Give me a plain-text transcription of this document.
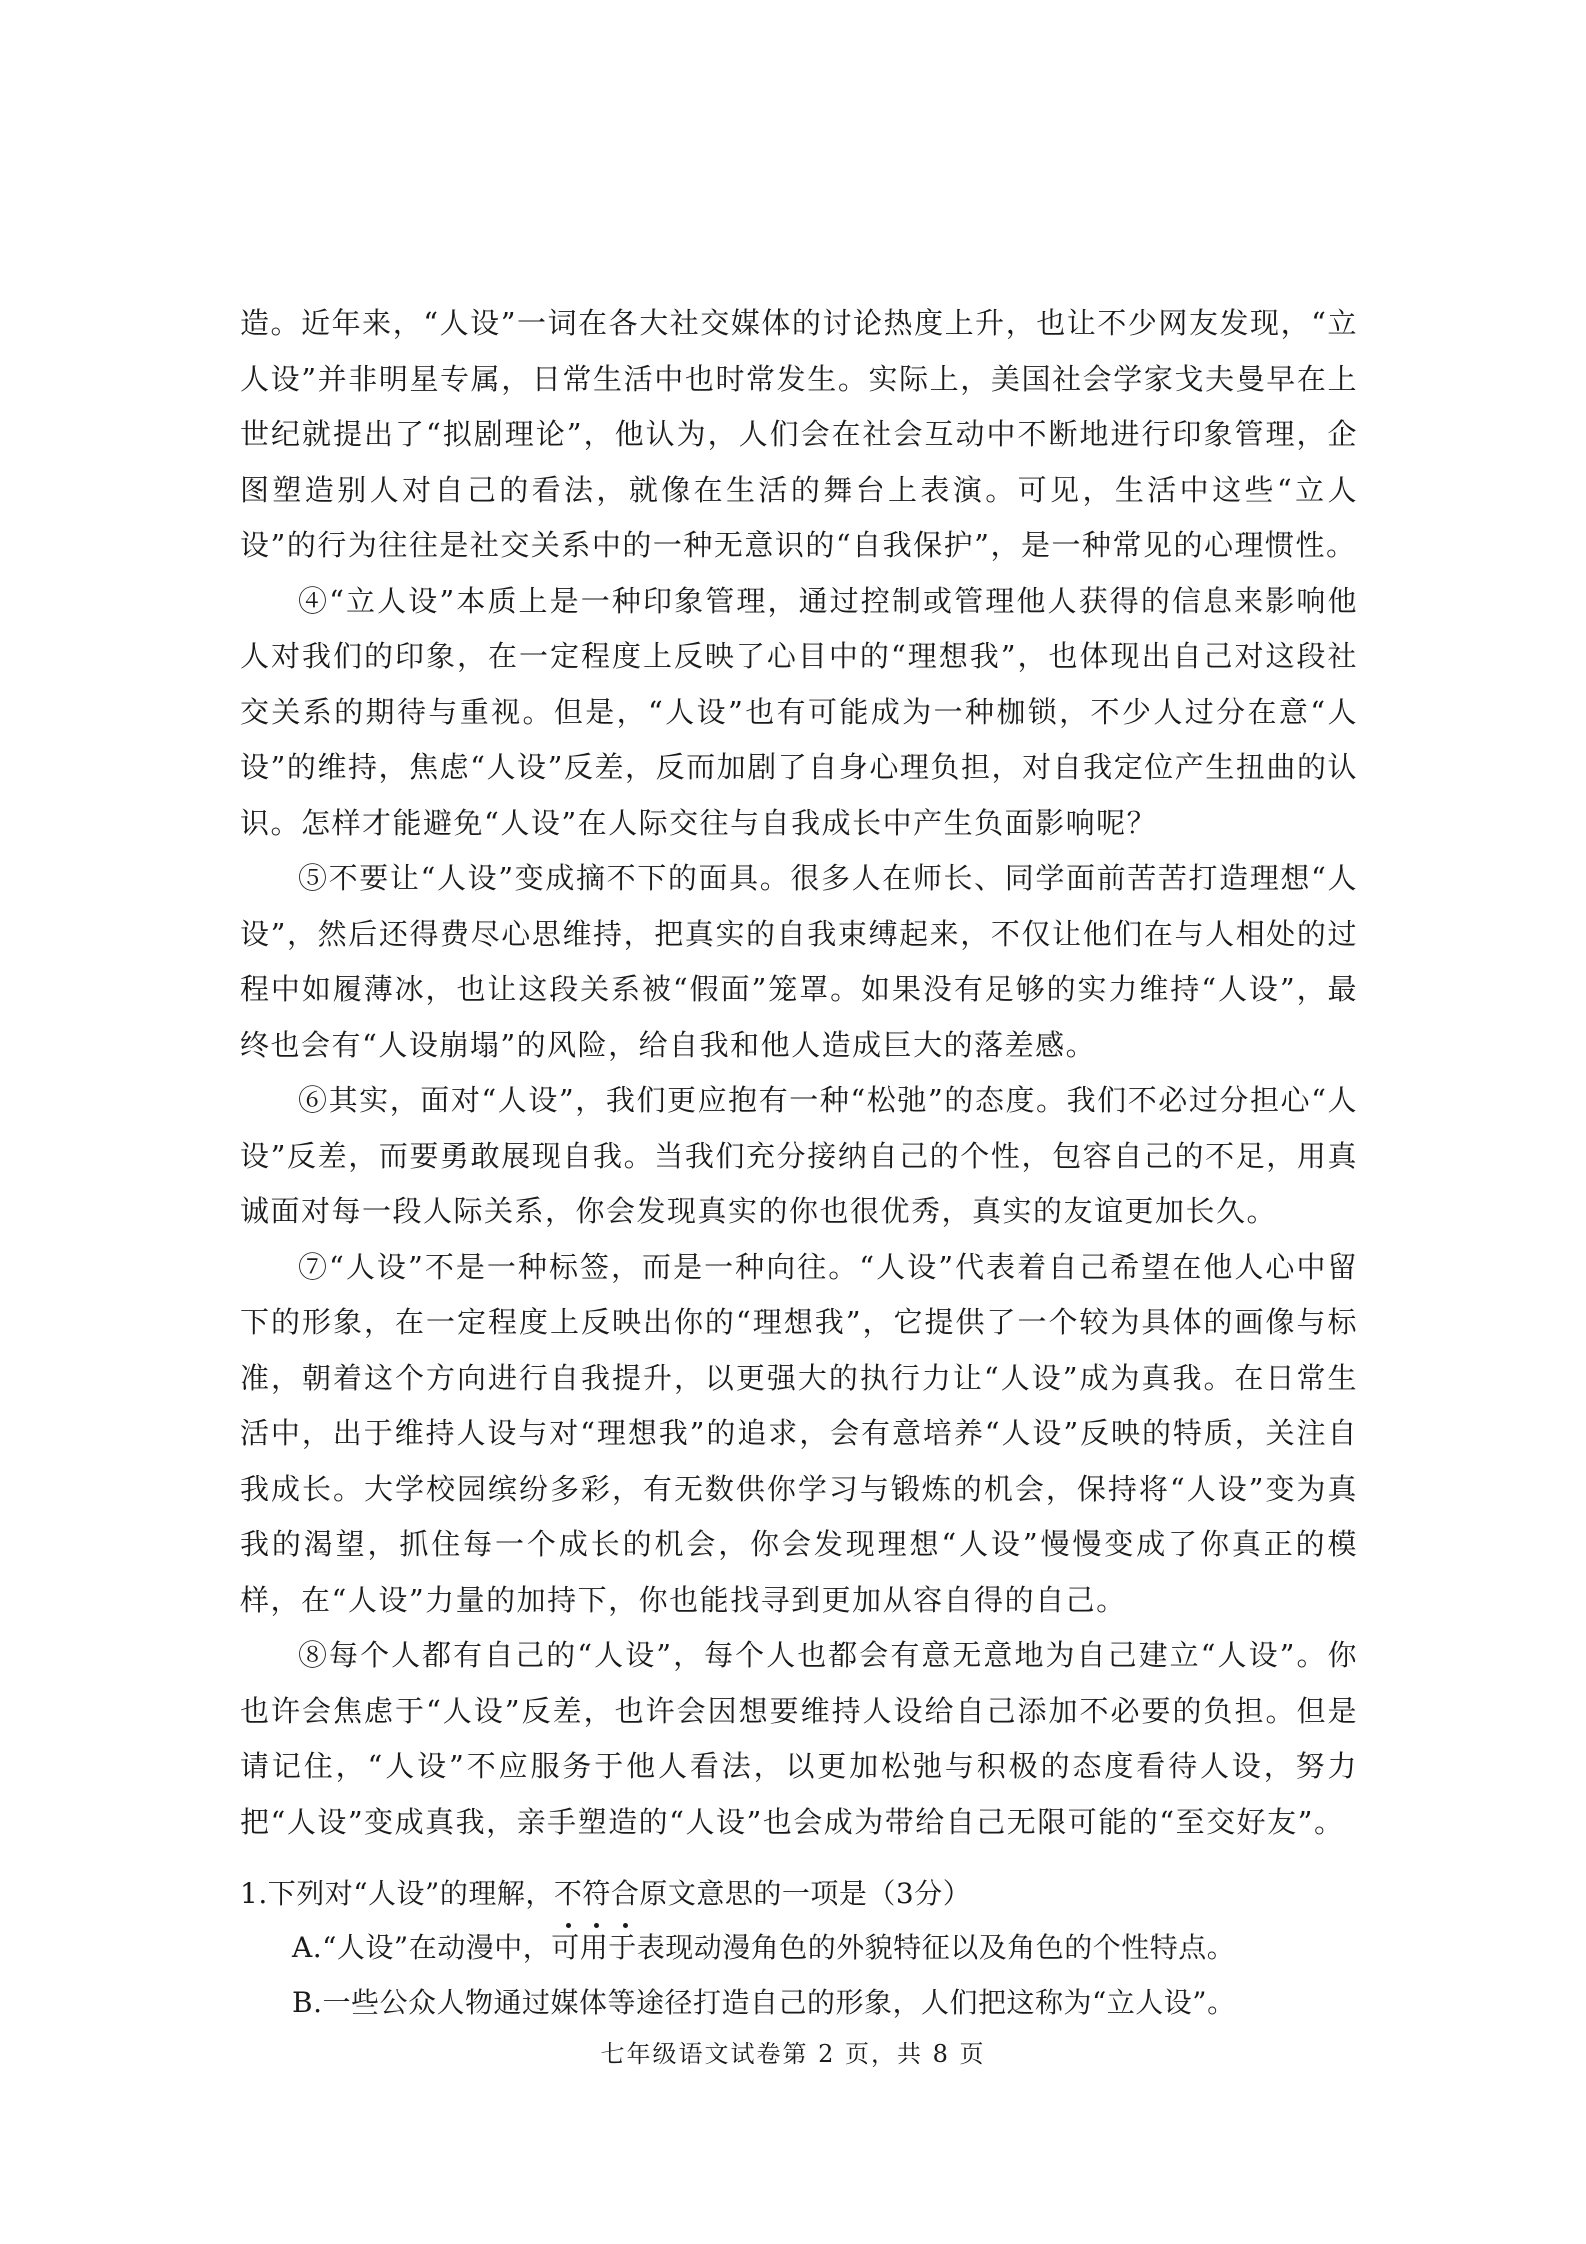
造。近年来，“人设”一词在各大社交媒体的讨论热度上升，也让不少网友发现，“立人设”并非明星专属，日常生活中也时常发生。实际上，美国社会学家戈夫曼早在上世纪就提出了“拟剧理论”，他认为，人们会在社会互动中不断地进行印象管理，企图塑造别人对自己的看法，就像在生活的舞台上表演。可见，生活中这些“立人设”的行为往往是社交关系中的一种无意识的“自我保护”，是一种常见的心理惯性。

④“立人设”本质上是一种印象管理，通过控制或管理他人获得的信息来影响他人对我们的印象，在一定程度上反映了心目中的“理想我”，也体现出自己对这段社交关系的期待与重视。但是，“人设”也有可能成为一种枷锁，不少人过分在意“人设”的维持，焦虑“人设”反差，反而加剧了自身心理负担，对自我定位产生扭曲的认识。怎样才能避免“人设”在人际交往与自我成长中产生负面影响呢？

⑤不要让“人设”变成摘不下的面具。很多人在师长、同学面前苦苦打造理想“人设”，然后还得费尽心思维持，把真实的自我束缚起来，不仅让他们在与人相处的过程中如履薄冰，也让这段关系被“假面”笼罩。如果没有足够的实力维持“人设”，最终也会有“人设崩塌”的风险，给自我和他人造成巨大的落差感。

⑥其实，面对“人设”，我们更应抱有一种“松弛”的态度。我们不必过分担心“人设”反差，而要勇敢展现自我。当我们充分接纳自己的个性，包容自己的不足，用真诚面对每一段人际关系，你会发现真实的你也很优秀，真实的友谊更加长久。

⑦“人设”不是一种标签，而是一种向往。“人设”代表着自己希望在他人心中留下的形象，在一定程度上反映出你的“理想我”，它提供了一个较为具体的画像与标准，朝着这个方向进行自我提升，以更强大的执行力让“人设”成为真我。在日常生活中，出于维持人设与对“理想我”的追求，会有意培养“人设”反映的特质，关注自我成长。大学校园缤纷多彩，有无数供你学习与锻炼的机会，保持将“人设”变为真我的渴望，抓住每一个成长的机会，你会发现理想“人设”慢慢变成了你真正的模样，在“人设”力量的加持下，你也能找寻到更加从容自得的自己。

⑧每个人都有自己的“人设”，每个人也都会有意无意地为自己建立“人设”。你也许会焦虑于“人设”反差，也许会因想要维持人设给自己添加不必要的负担。但是请记住，“人设”不应服务于他人看法，以更加松弛与积极的态度看待人设，努力把“人设”变成真我，亲手塑造的“人设”也会成为带给自己无限可能的“至交好友”。

1.下列对“人设”的理解，不
符
合
原文意思的一项是（3分）

A.“人设”在动漫中，可用于表现动漫角色的外貌特征以及角色的个性特点。

B.一些公众人物通过媒体等途径打造自己的形象，人们把这称为“立人设”。

七年级语文试卷第 2 页，共 8 页
